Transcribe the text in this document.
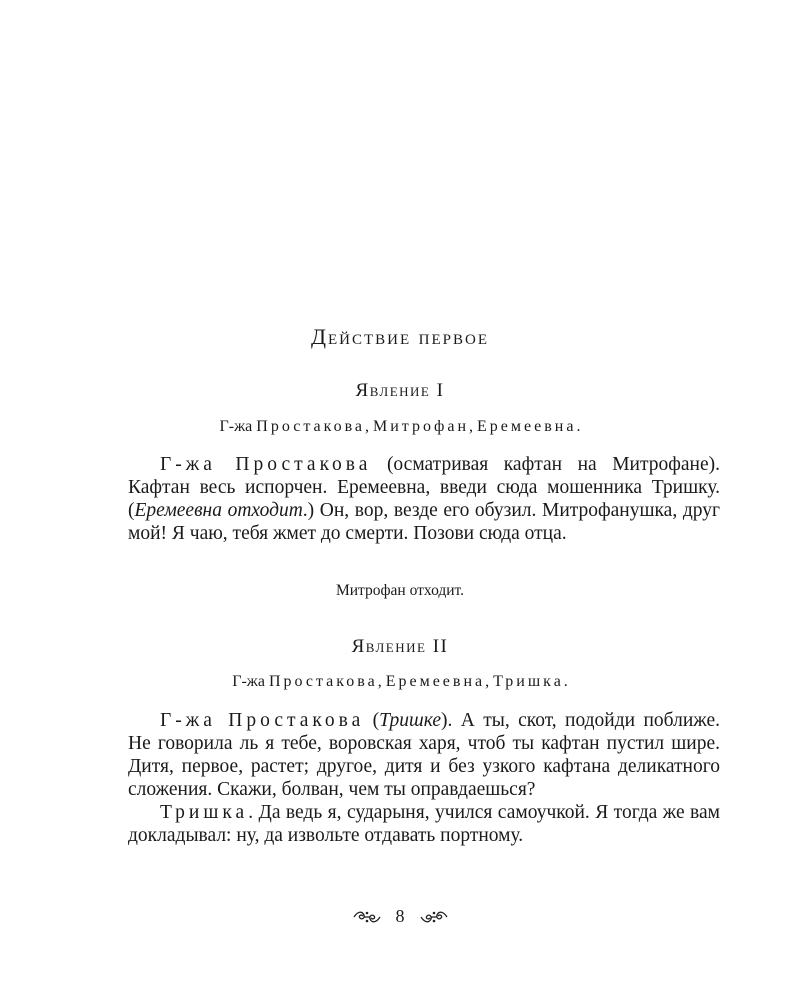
Действие первое
Явление I
Г-жа Простакова, Митрофан, Еремеевна.

Г-жа Простакова (осматривая кафтан на Митрофане). Кафтан весь испорчен. Еремеевна, введи сюда мошенника Тришку. (Еремеевна отходит.) Он, вор, везде его обузил. Митрофанушка, друг мой! Я чаю, тебя жмет до смерти. Позови сюда отца.

Митрофан отходит.
Явление II
Г-жа Простакова, Еремеевна, Тришка.

Г-жа Простакова (Тришке). А ты, скот, подойди поближе. Не говорила ль я тебе, воровская харя, чтоб ты кафтан пустил шире. Дитя, первое, растет; другое, дитя и без узкого кафтана деликатного сложения. Скажи, болван, чем ты оправдаешься?

Тришка. Да ведь я, сударыня, учился самоучкой. Я тогда же вам докладывал: ну, да извольте отдавать портному.

8
